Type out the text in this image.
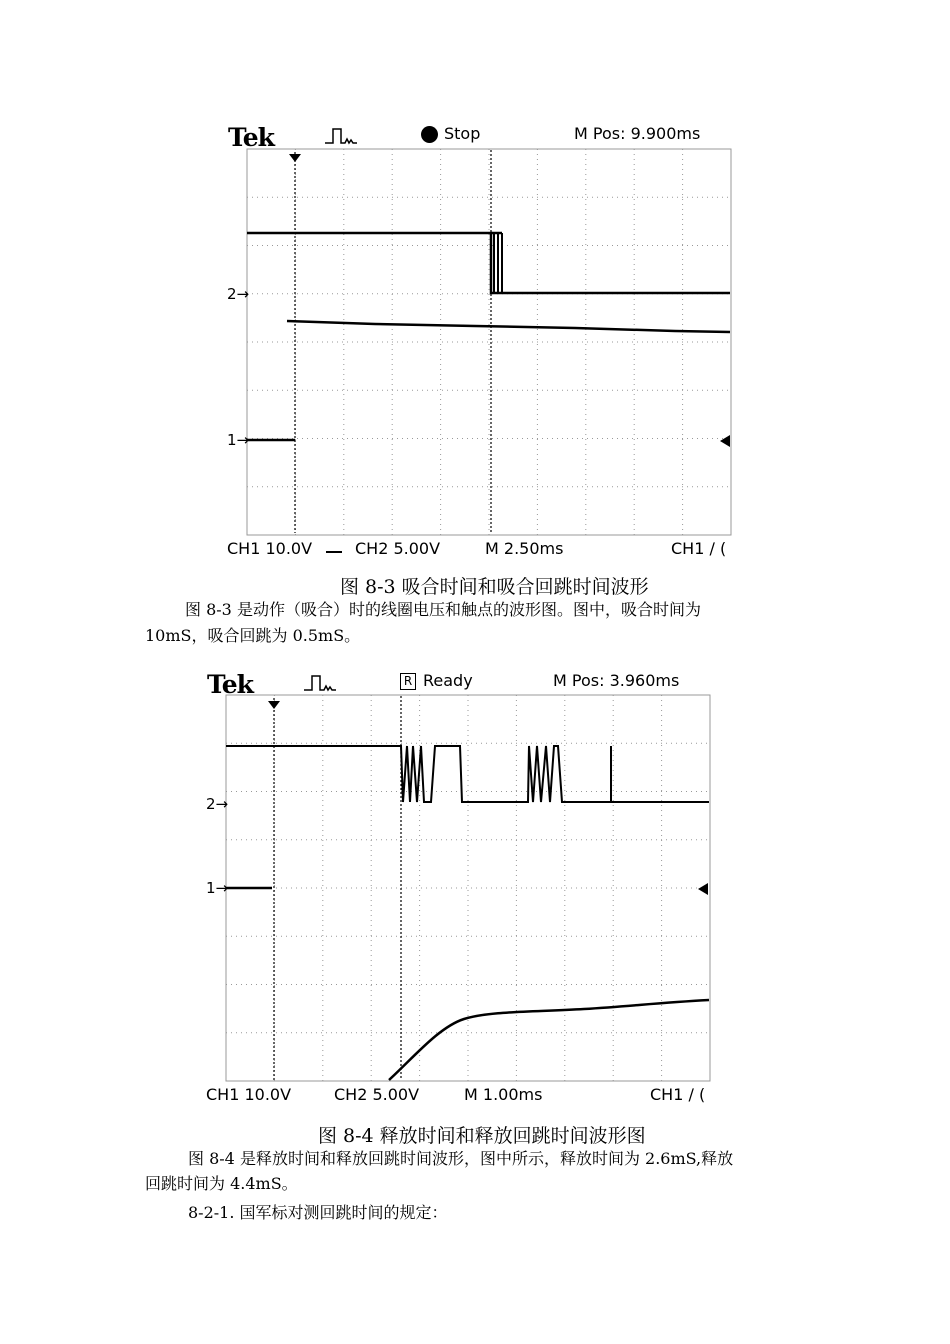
Tek	Stop	M Pos: 9.900ms
2→
1→
CH1 10.0V	CH2 5.00V	M 2.50ms	CH1 ∕ (
图 8-3 吸合时间和吸合回跳时间波形
图 8-3 是动作（吸合）时的线圈电压和触点的波形图。图中，吸合时间为
10mS，吸合回跳为 0.5mS。
Tek	R Ready	M Pos: 3.960ms
2→
1→
CH1 10.0V	CH2 5.00V	M 1.00ms	CH1 ∕ (
图 8-4 释放时间和释放回跳时间波形图
图 8-4 是释放时间和释放回跳时间波形，图中所示，释放时间为 2.6mS,释放
回跳时间为 4.4mS。
8-2-1. 国军标对测回跳时间的规定：
